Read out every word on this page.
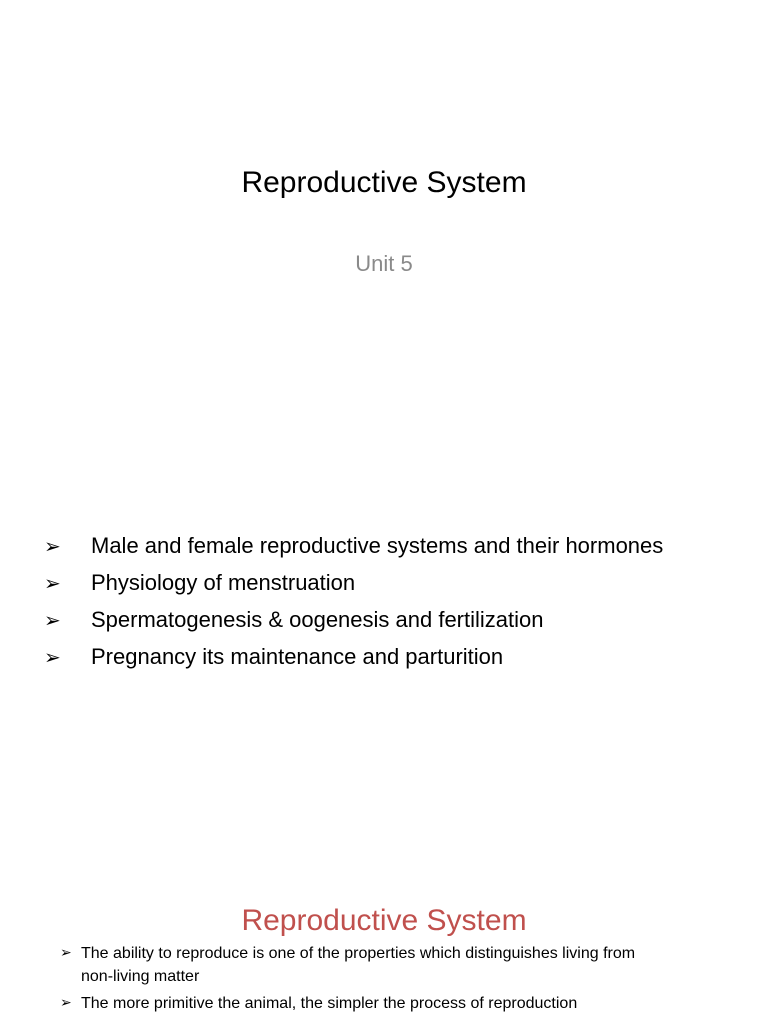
Reproductive System
Unit 5
➢ Male and female reproductive systems and their hormones
➢ Physiology of menstruation
➢ Spermatogenesis & oogenesis and fertilization
➢ Pregnancy its maintenance and parturition
Reproductive System
➢ The ability to reproduce is one of the properties which distinguishes living from non-living matter
➢ The more primitive the animal, the simpler the process of reproduction
